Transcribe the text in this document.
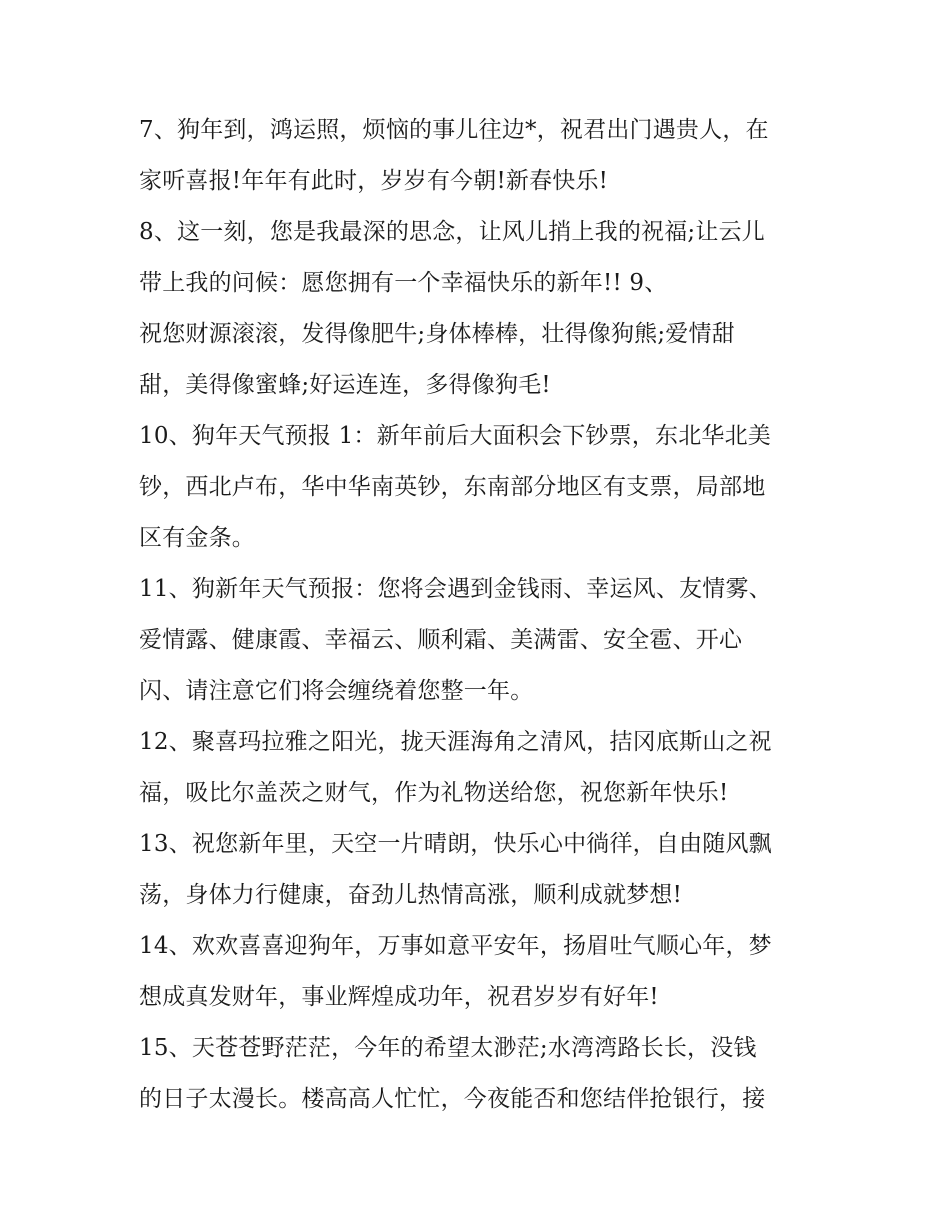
7、狗年到，鸿运照，烦恼的事儿往边*，祝君出门遇贵人，在
家听喜报!年年有此时，岁岁有今朝!新春快乐!
8、这一刻，您是我最深的思念，让风儿捎上我的祝福;让云儿
带上我的问候：愿您拥有一个幸福快乐的新年!! 9、
祝您财源滚滚，发得像肥牛;身体棒棒，壮得像狗熊;爱情甜
甜，美得像蜜蜂;好运连连，多得像狗毛!
10、狗年天气预报 1：新年前后大面积会下钞票，东北华北美
钞，西北卢布，华中华南英钞，东南部分地区有支票，局部地
区有金条。
11、狗新年天气预报：您将会遇到金钱雨、幸运风、友情雾、
爱情露、健康霞、幸福云、顺利霜、美满雷、安全雹、开心
闪、请注意它们将会缠绕着您整一年。
12、聚喜玛拉雅之阳光，拢天涯海角之清风，拮冈底斯山之祝
福，吸比尔盖茨之财气，作为礼物送给您，祝您新年快乐!
13、祝您新年里，天空一片晴朗，快乐心中徜徉，自由随风飘
荡，身体力行健康，奋劲儿热情高涨，顺利成就梦想!
14、欢欢喜喜迎狗年，万事如意平安年，扬眉吐气顺心年，梦
想成真发财年，事业辉煌成功年，祝君岁岁有好年!
15、天苍苍野茫茫，今年的希望太渺茫;水湾湾路长长，没钱
的日子太漫长。楼高高人忙忙，今夜能否和您结伴抢银行，接
